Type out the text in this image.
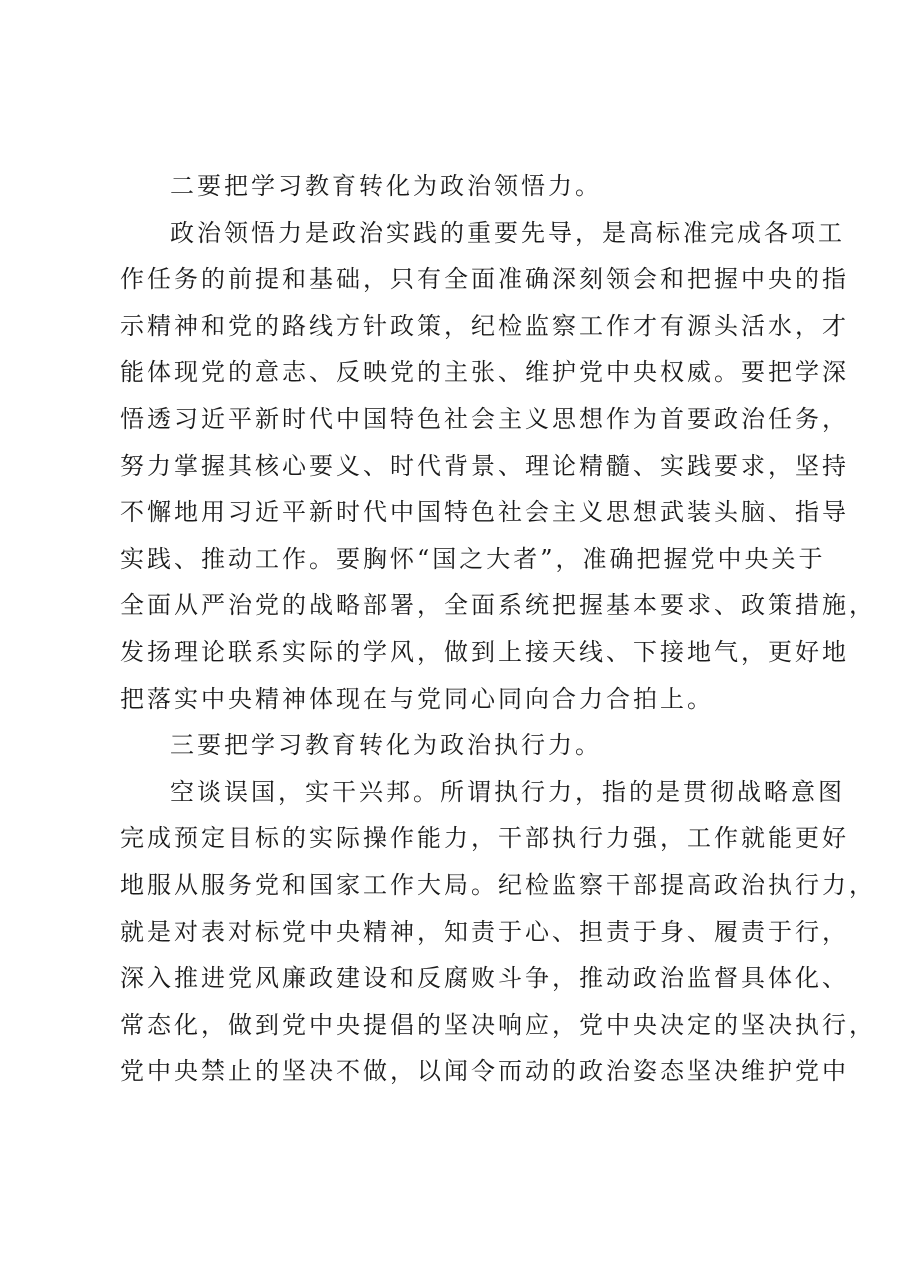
二要把学习教育转化为政治领悟力。
政治领悟力是政治实践的重要先导，是高标准完成各项工
作任务的前提和基础，只有全面准确深刻领会和把握中央的指
示精神和党的路线方针政策，纪检监察工作才有源头活水，才
能体现党的意志、反映党的主张、维护党中央权威。要把学深
悟透习近平新时代中国特色社会主义思想作为首要政治任务，
努力掌握其核心要义、时代背景、理论精髓、实践要求，坚持
不懈地用习近平新时代中国特色社会主义思想武装头脑、指导
实践、推动工作。要胸怀“国之大者”，准确把握党中央关于
全面从严治党的战略部署，全面系统把握基本要求、政策措施，
发扬理论联系实际的学风，做到上接天线、下接地气，更好地
把落实中央精神体现在与党同心同向合力合拍上。
三要把学习教育转化为政治执行力。
空谈误国，实干兴邦。所谓执行力，指的是贯彻战略意图
完成预定目标的实际操作能力，干部执行力强，工作就能更好
地服从服务党和国家工作大局。纪检监察干部提高政治执行力，
就是对表对标党中央精神，知责于心、担责于身、履责于行，
深入推进党风廉政建设和反腐败斗争，推动政治监督具体化、
常态化，做到党中央提倡的坚决响应，党中央决定的坚决执行，
党中央禁止的坚决不做，以闻令而动的政治姿态坚决维护党中
